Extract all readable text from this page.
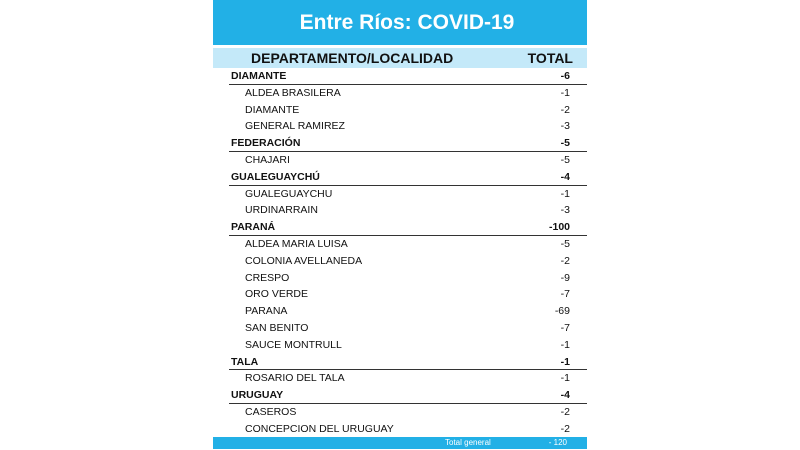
Entre Ríos: COVID-19
DEPARTAMENTO/LOCALIDAD	TOTAL
DIAMANTE	-6
ALDEA BRASILERA	-1
DIAMANTE	-2
GENERAL RAMIREZ	-3
FEDERACIÓN	-5
CHAJARI	-5
GUALEGUAYCHÚ	-4
GUALEGUAYCHU	-1
URDINARRAIN	-3
PARANÁ	-100
ALDEA MARIA LUISA	-5
COLONIA AVELLANEDA	-2
CRESPO	-9
ORO VERDE	-7
PARANA	-69
SAN BENITO	-7
SAUCE MONTRULL	-1
TALA	-1
ROSARIO DEL TALA	-1
URUGUAY	-4
CASEROS	-2
CONCEPCION DEL URUGUAY	-2
Total general	- 120
